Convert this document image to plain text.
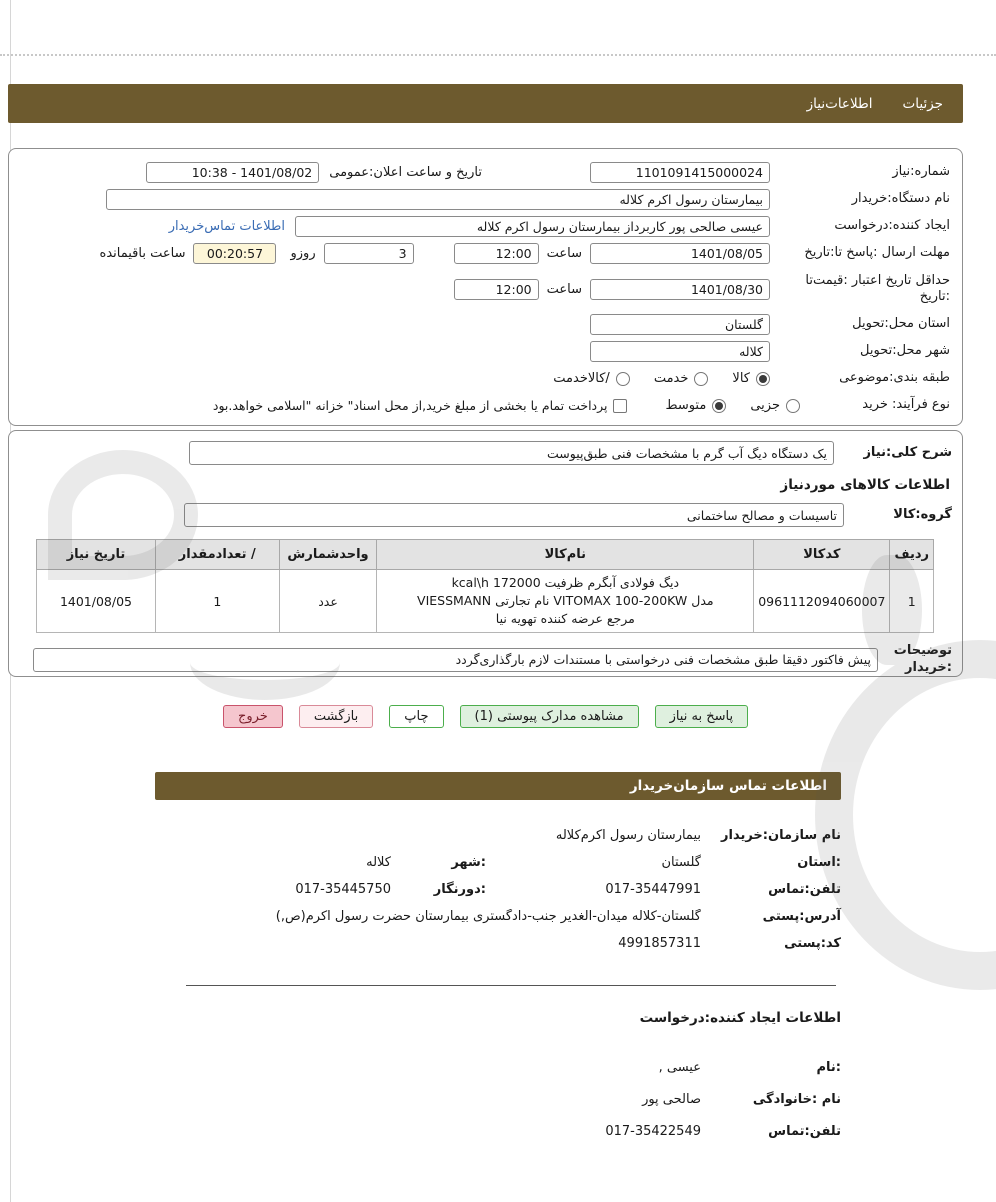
جزئیات
اطلاعات‌نیاز
شماره:نیاز
1101091415000024
تاریخ و ساعت اعلان:عمومی
10:38 - 1401/08/02
نام دستگاه:خریدار
بیمارستان رسول اکرم کلاله
ایجاد کننده:درخواست
عیسی صالحی پور کاربرداز بیمارستان رسول اکرم کلاله
اطلاعات تماس‌خریدار
مهلت ارسال :پاسخ تا:تاریخ
1401/08/05
ساعت
12:00
3
روزو
00:20:57
ساعت باقیمانده
حداقل تاریخ اعتبار :قیمت‌تا
:تاریخ
1401/08/30
ساعت
12:00
استان محل:تحویل
گلستان
شهر محل:تحویل
کلاله
طبقه بندی:موضوعی
کالا
خدمت
/کالاخدمت
نوع فرآیند: خرید
جزیی
متوسط
پرداخت تمام یا بخشی از مبلغ خرید,از محل اسناد" خزانه "اسلامی خواهد.بود
شرح کلی:نیاز
یک دستگاه دیگ آب گرم با مشخصات فنی طبق‌پیوست
اطلاعات کالاهای موردنیاز
گروه:کالا
تاسیسات و مصالح ساختمانی
ردیف	کدکالا	نام‌کالا	واحدشمارش	/ تعدادمقدار	تاریخ نیاز
1	0961112094060007	دیگ فولادی آبگرم ظرفیت 172000 kcal\h
مدل VITOMAX 100-200KW نام تجارتی VIESSMANN
مرجع عرضه کننده تهویه نیا	عدد	1	1401/08/05
توضیحات
:خریدار
پیش فاکتور دقیقا طبق مشخصات فنی درخواستی با مستندات لازم بارگذاری‌گردد
پاسخ به نیاز
مشاهده مدارک پیوستی (1)
چاپ
بازگشت
خروج
اطلاعات تماس سازمان‌خریدار
نام سازمان:خریدار
بیمارستان رسول اکرم‌کلاله
:استان
گلستان
:شهر
کلاله
تلفن:تماس
017-35447991
:دورنگار
017-35445750
آدرس:پستی
گلستان-کلاله میدان-الغدیر جنب-دادگستری بیمارستان حضرت رسول اکرم(ص,)
کد:پستی
4991857311
اطلاعات ایجاد کننده:درخواست
:نام
عیسی ,
نام :خانوادگی
صالحی پور
تلفن:تماس
017-35422549
